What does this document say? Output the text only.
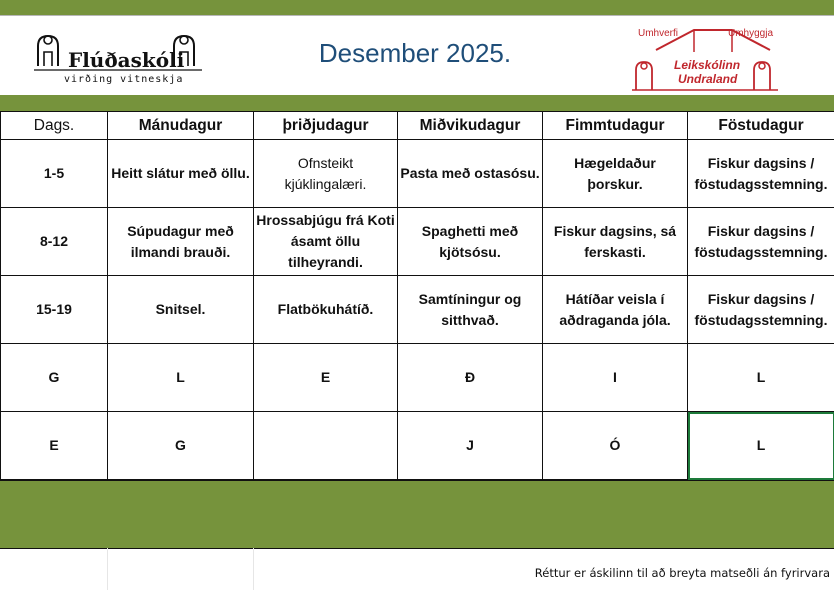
Flúðaskóli
virðing vitneskja
Desember 2025.
Umhverfi	Umhyggja
Leikskólinn
Undraland
Dags.	Mánudagur	þriðjudagur	Miðvikudagur	Fimmtudagur	Föstudagur
1-5	Heitt slátur með öllu.	Ofnsteikt kjúklingalæri.	Pasta með ostasósu.	Hægeldaður þorskur.	Fiskur dagsins / föstudagsstemning.
8-12	Súpudagur með ilmandi brauði.	Hrossabjúgu frá Koti ásamt öllu tilheyrandi.	Spaghetti með kjötsósu.	Fiskur dagsins, sá ferskasti.	Fiskur dagsins / föstudagsstemning.
15-19	Snitsel.	Flatbökuhátíð.	Samtíningur og sitthvað.	Hátíðar veisla í aðdraganda jóla.	Fiskur dagsins / föstudagsstemning.
G	L	E	Ð	I	L
E	G		J	Ó	L
Réttur er áskilinn til að breyta matseðli án fyrirvara
